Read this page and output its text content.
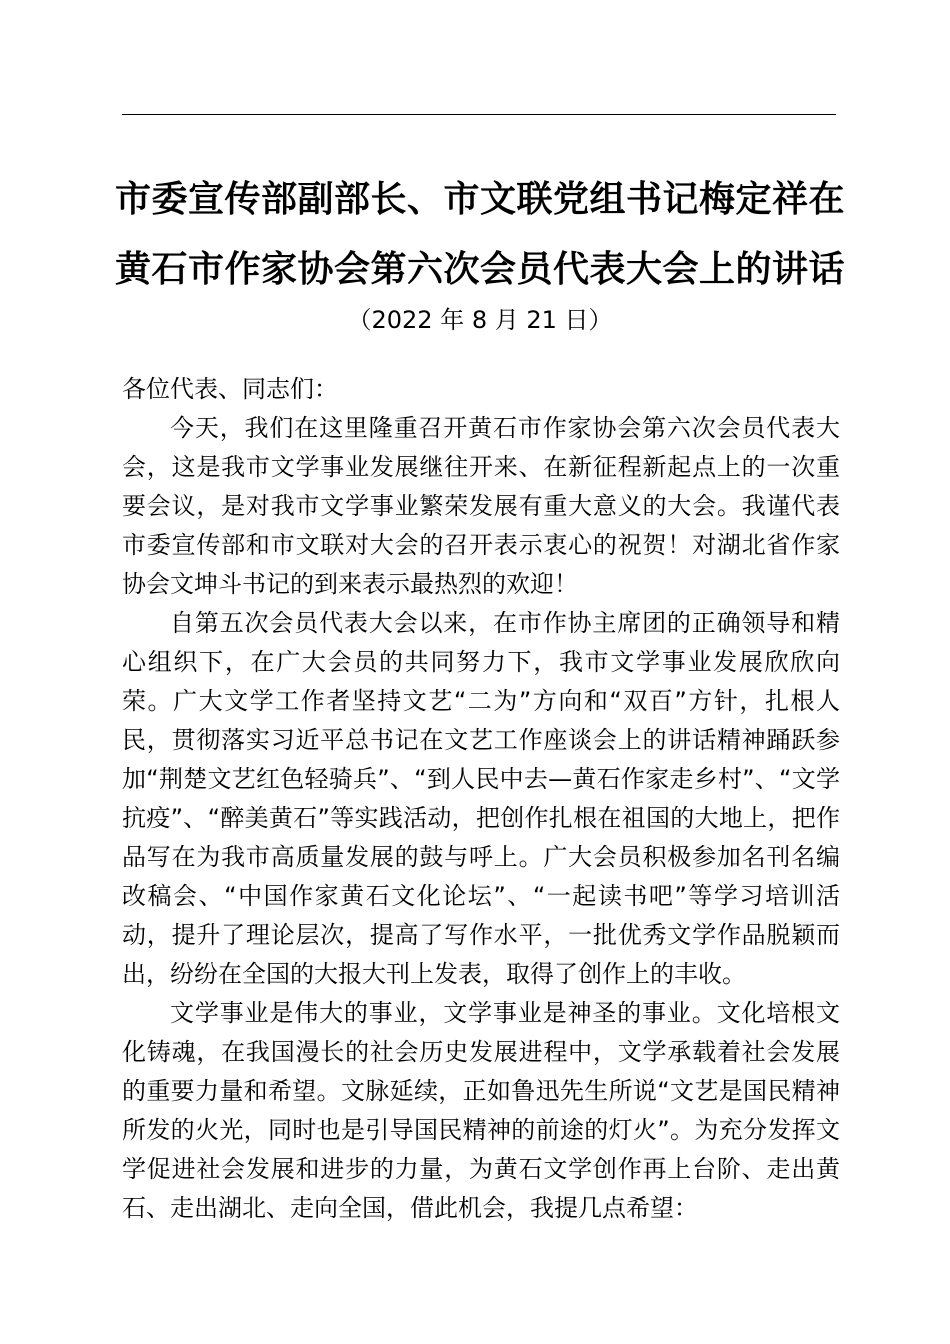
市委宣传部副部长、市文联党组书记梅定祥在
黄石市作家协会第六次会员代表大会上的讲话
（2022 年 8 月 21 日）

各位代表、同志们：

今天，我们在这里隆重召开黄石市作家协会第六次会员代表大会，这是我市文学事业发展继往开来、在新征程新起点上的一次重要会议，是对我市文学事业繁荣发展有重大意义的大会。我谨代表市委宣传部和市文联对大会的召开表示衷心的祝贺！对湖北省作家协会文坤斗书记的到来表示最热烈的欢迎！

自第五次会员代表大会以来，在市作协主席团的正确领导和精心组织下，在广大会员的共同努力下，我市文学事业发展欣欣向荣。广大文学工作者坚持文艺“二为”方向和“双百”方针，扎根人民，贯彻落实习近平总书记在文艺工作座谈会上的讲话精神踊跃参加“荆楚文艺红色轻骑兵”、“到人民中去—黄石作家走乡村”、“文学抗疫”、“醉美黄石”等实践活动，把创作扎根在祖国的大地上，把作品写在为我市高质量发展的鼓与呼上。广大会员积极参加名刊名编改稿会、“中国作家黄石文化论坛”、“一起读书吧”等学习培训活动，提升了理论层次，提高了写作水平，一批优秀文学作品脱颖而出，纷纷在全国的大报大刊上发表，取得了创作上的丰收。

文学事业是伟大的事业，文学事业是神圣的事业。文化培根文化铸魂，在我国漫长的社会历史发展进程中，文学承载着社会发展的重要力量和希望。文脉延续，正如鲁迅先生所说“文艺是国民精神所发的火光，同时也是引导国民精神的前途的灯火”。为充分发挥文学促进社会发展和进步的力量，为黄石文学创作再上台阶、走出黄石、走出湖北、走向全国，借此机会，我提几点希望：
